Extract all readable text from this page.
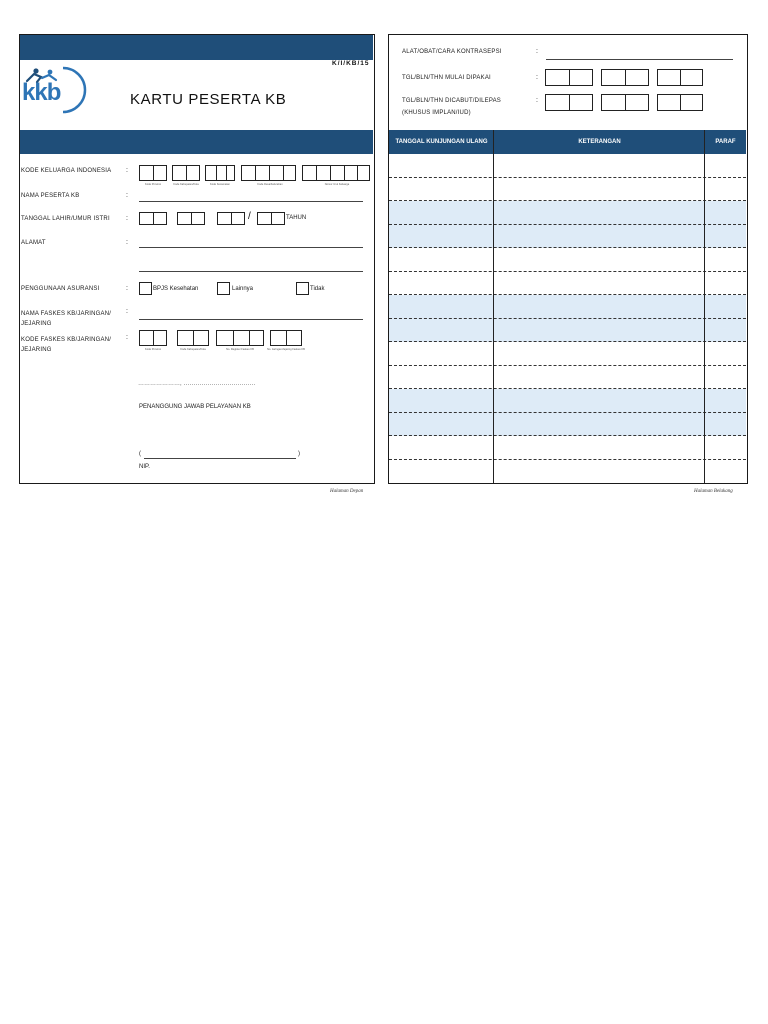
K/I/KB/15
kkb	KARTU PESERTA KB
KODE KELUARGA INDONESIA :
Kode Provinsi	Kode Kabupaten/Kota	Kode Kecamatan	Kode Desa/Kelurahan	Nomor Urut Keluarga
NAMA PESERTA KB	:
TANGGAL LAHIR/UMUR ISTRI :	/	TAHUN
ALAMAT	:
PENGGUNAAN ASURANSI	:	BPJS Kesehatan	Lainnya	Tidak
NAMA FASKES KB/JARINGAN/ JEJARING
:
KODE FASKES KB/JARINGAN/ JEJARING
:
Kode Provinsi	Kode Kabupaten/Kota	No. Register Faskes KB	No. Jaringan/Jejaring Faskes KB
…………………, ………………………………
PENANGGUNG JAWAB PELAYANAN KB
(	)
NIP.
Halaman Depan
ALAT/OBAT/CARA KONTRASEPSI	:
TGL/BLN/THN MULAI DIPAKAI	:
TGL/BLN/THN DICABUT/DILEPAS
(KHUSUS IMPLAN/IUD)
:
TANGGAL KUNJUNGAN ULANG	KETERANGAN	PARAF
Halaman Belakang
